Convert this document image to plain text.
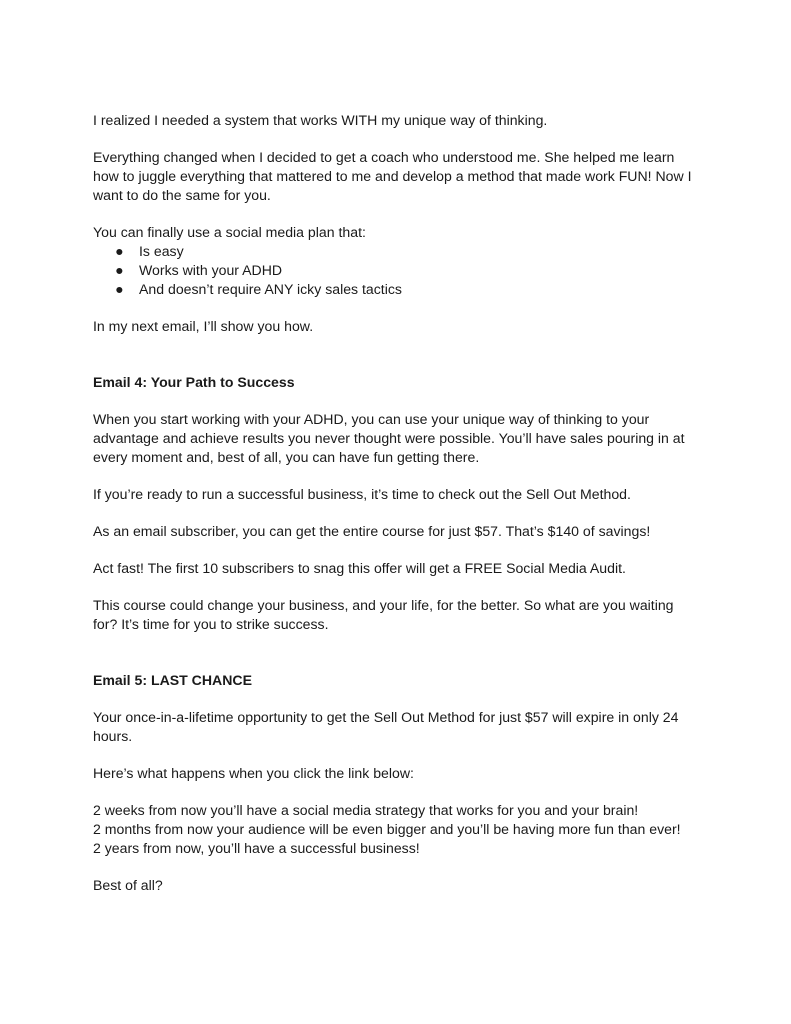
I realized I needed a system that works WITH my unique way of thinking.

Everything changed when I decided to get a coach who understood me. She helped me learn
how to juggle everything that mattered to me and develop a method that made work FUN! Now I
want to do the same for you.

You can finally use a social media plan that:

● Is easy
● Works with your ADHD
● And doesn’t require ANY icky sales tactics

In my next email, I’ll show you how.

Email 4: Your Path to Success

When you start working with your ADHD, you can use your unique way of thinking to your
advantage and achieve results you never thought were possible. You’ll have sales pouring in at
every moment and, best of all, you can have fun getting there.

If you’re ready to run a successful business, it’s time to check out the Sell Out Method.

As an email subscriber, you can get the entire course for just $57. That’s $140 of savings!

Act fast! The first 10 subscribers to snag this offer will get a FREE Social Media Audit.

This course could change your business, and your life, for the better. So what are you waiting
for? It’s time for you to strike success.

Email 5: LAST CHANCE

Your once-in-a-lifetime opportunity to get the Sell Out Method for just $57 will expire in only 24
hours.

Here’s what happens when you click the link below:

2 weeks from now you’ll have a social media strategy that works for you and your brain!
2 months from now your audience will be even bigger and you’ll be having more fun than ever!
2 years from now, you’ll have a successful business!

Best of all?
